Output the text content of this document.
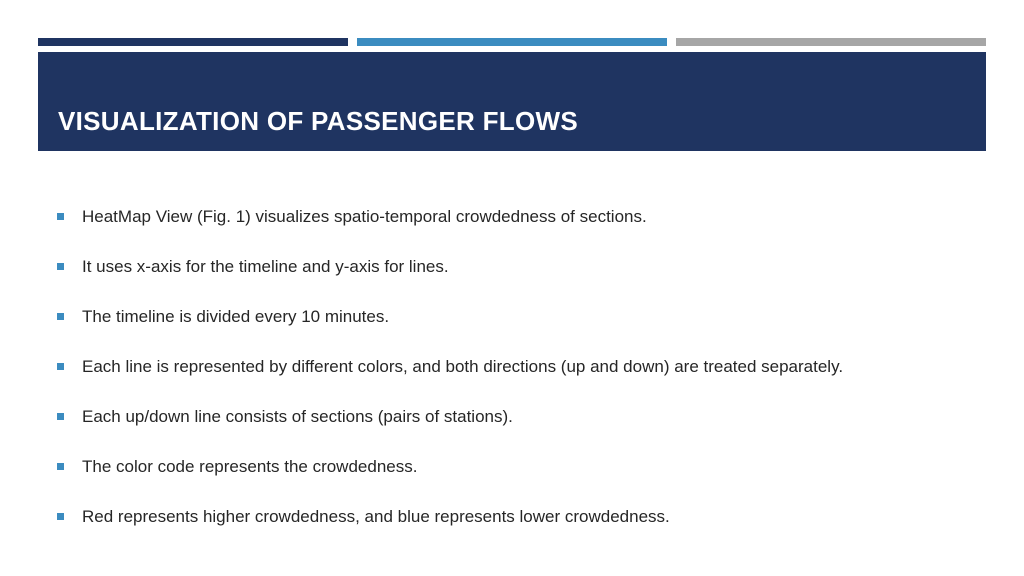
VISUALIZATION OF PASSENGER FLOWS
HeatMap View (Fig. 1) visualizes spatio-temporal crowdedness of sections.
It uses x-axis for the timeline and y-axis for lines.
The timeline is divided every 10 minutes.
Each line is represented by different colors, and both directions (up and down) are treated separately.
Each up/down line consists of sections (pairs of stations).
The color code represents the crowdedness.
Red represents higher crowdedness, and blue represents lower crowdedness.
